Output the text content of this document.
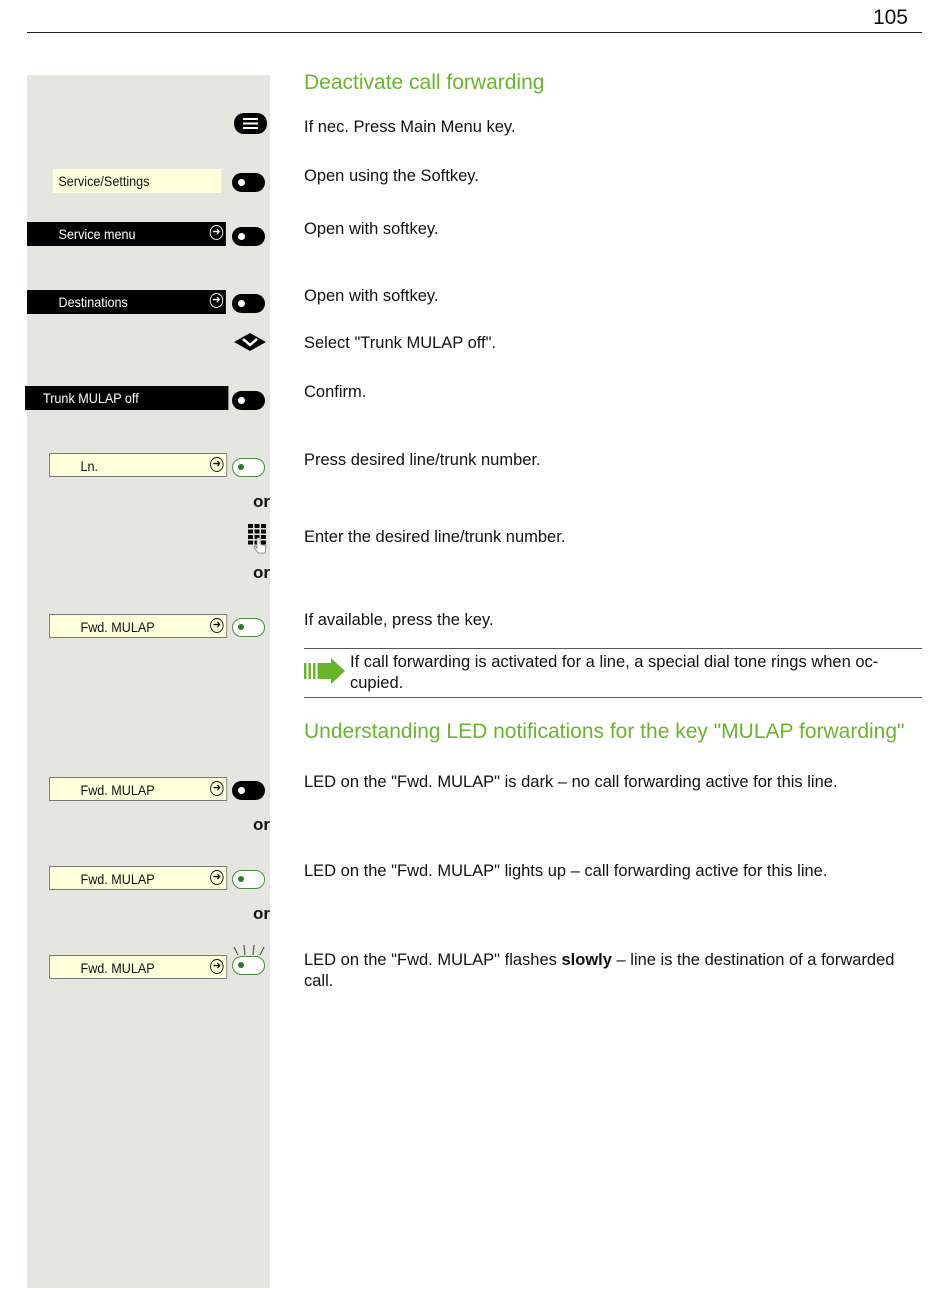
105
Service/Settings
Service menu	➜
Destinations	➜
Trunk MULAP off
Ln.	➜
or
or
Fwd. MULAP	➜
Fwd. MULAP	➜
or
Fwd. MULAP	➜
or
Fwd. MULAP	➜
Deactivate call forwarding
If nec. Press Main Menu key.
Open using the Softkey.
Open with softkey.
Open with softkey.
Select "Trunk MULAP off".
Confirm.
Press desired line/trunk number.
Enter the desired line/trunk number.
If available, press the key.
If call forwarding is activated for a line, a special dial tone rings when oc-cupied.
Understanding LED notifications for the key "MULAP forwarding"
LED on the "Fwd. MULAP" is dark – no call forwarding active for this line.
LED on the "Fwd. MULAP" lights up – call forwarding active for this line.
LED on the "Fwd. MULAP" flashes slowly – line is the destination of a forwarded call.
